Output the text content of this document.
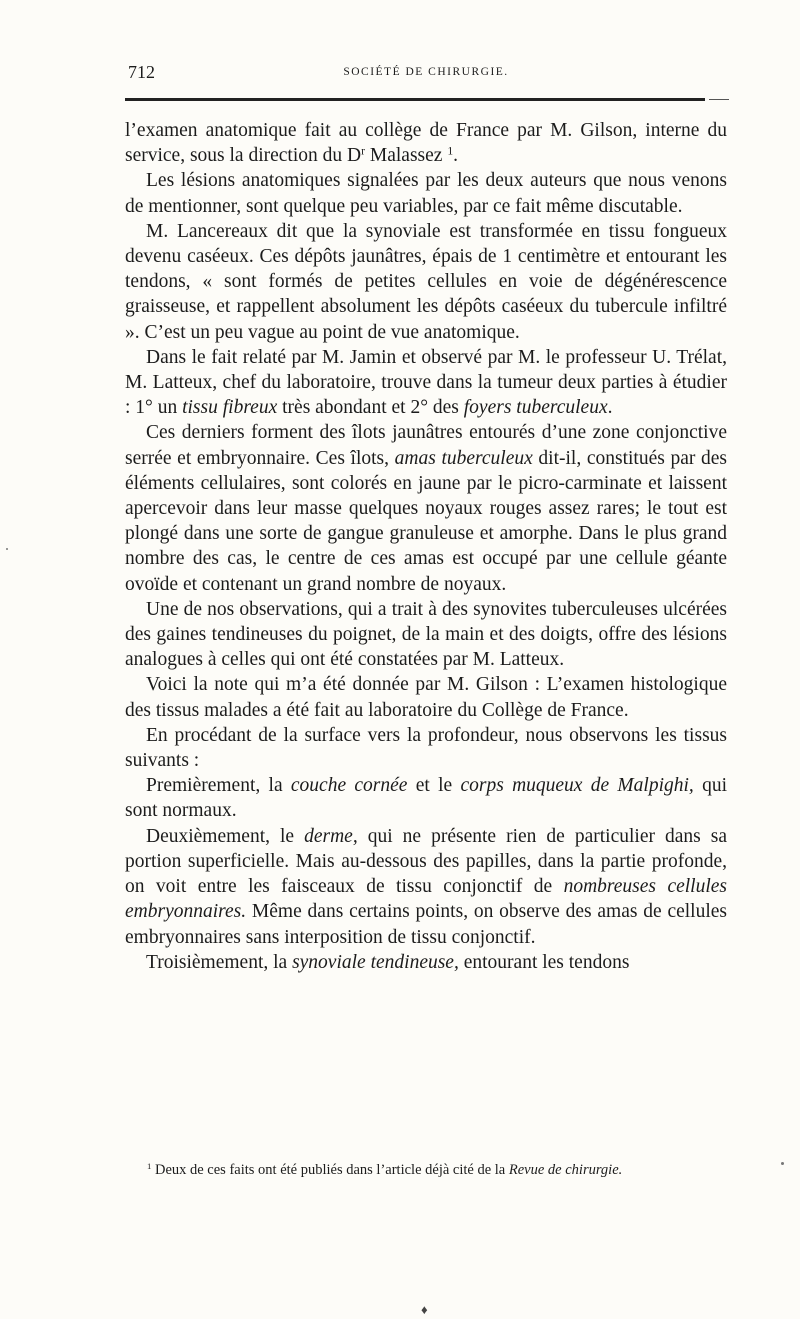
712	SOCIÉTÉ DE CHIRURGIE.

l’examen anatomique fait au collège de France par M. Gilson, interne du service, sous la direction du $D^r$ Malassez $^1$.

Les lésions anatomiques signalées par les deux auteurs que nous venons de mentionner, sont quelque peu variables, par ce fait même discutable.

M. Lancereaux dit que la synoviale est transformée en tissu fongueux devenu caséeux. Ces dépôts jaunâtres, épais de 1 centimètre et entourant les tendons, « sont formés de petites cellules en voie de dégénérescence graisseuse, et rappellent absolument les dépôts caséeux du tubercule infiltré ». C’est un peu vague au point de vue anatomique.

Dans le fait relaté par M. Jamin et observé par M. le professeur U. Trélat, M. Latteux, chef du laboratoire, trouve dans la tumeur deux parties à étudier : 1° un tissu fibreux très abondant et 2° des foyers tuberculeux.

Ces derniers forment des îlots jaunâtres entourés d’une zone conjonctive serrée et embryonnaire. Ces îlots, amas tuberculeux dit-il, constitués par des éléments cellulaires, sont colorés en jaune par le picro-carminate et laissent apercevoir dans leur masse quelques noyaux rouges assez rares; le tout est plongé dans une sorte de gangue granuleuse et amorphe. Dans le plus grand nombre des cas, le centre de ces amas est occupé par une cellule géante ovoïde et contenant un grand nombre de noyaux.

Une de nos observations, qui a trait à des synovites tuberculeuses ulcérées des gaines tendineuses du poignet, de la main et des doigts, offre des lésions analogues à celles qui ont été constatées par M. Latteux.

Voici la note qui m’a été donnée par M. Gilson : L’examen histologique des tissus malades a été fait au laboratoire du Collège de France.

En procédant de la surface vers la profondeur, nous observons les tissus suivants :

Premièrement, la couche cornée et le corps muqueux de Malpighi, qui sont normaux.

Deuxièmement, le derme, qui ne présente rien de particulier dans sa portion superficielle. Mais au-dessous des papilles, dans la partie profonde, on voit entre les faisceaux de tissu conjonctif de nombreuses cellules embryonnaires. Même dans certains points, on observe des amas de cellules embryonnaires sans interposition de tissu conjonctif.

Troisièmement, la synoviale tendineuse, entourant les tendons

$^1$ Deux de ces faits ont été publiés dans l’article déjà cité de la Revue de chirurgie.
♦
